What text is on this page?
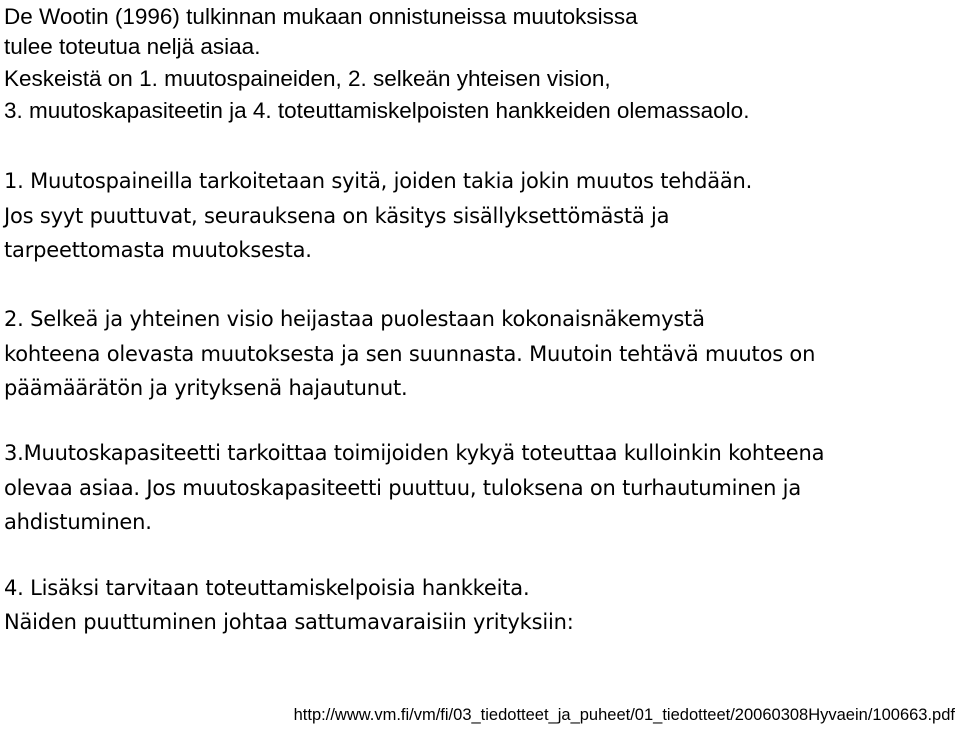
De Wootin (1996) tulkinnan mukaan onnistuneissa muutoksissa

tulee toteutua neljä asiaa.

Keskeistä on 1. muutospaineiden, 2. selkeän yhteisen vision,

3. muutoskapasiteetin ja 4. toteuttamiskelpoisten hankkeiden olemassaolo.

1. Muutospaineilla tarkoitetaan syitä, joiden takia jokin muutos tehdään.

Jos syyt puuttuvat, seurauksena on käsitys sisällyksettömästä ja

tarpeettomasta muutoksesta.

2. Selkeä ja yhteinen visio heijastaa puolestaan kokonaisnäkemystä

kohteena olevasta muutoksesta ja sen suunnasta. Muutoin tehtävä muutos on

päämäärätön ja yrityksenä hajautunut.

3.Muutoskapasiteetti tarkoittaa toimijoiden kykyä toteuttaa kulloinkin kohteena

olevaa asiaa. Jos muutoskapasiteetti puuttuu, tuloksena on turhautuminen ja

ahdistuminen.

4. Lisäksi tarvitaan toteuttamiskelpoisia hankkeita.

Näiden puuttuminen johtaa sattumavaraisiin yrityksiin:

http://www.vm.fi/vm/fi/03_tiedotteet_ja_puheet/01_tiedotteet/20060308Hyvaein/100663.pdf
